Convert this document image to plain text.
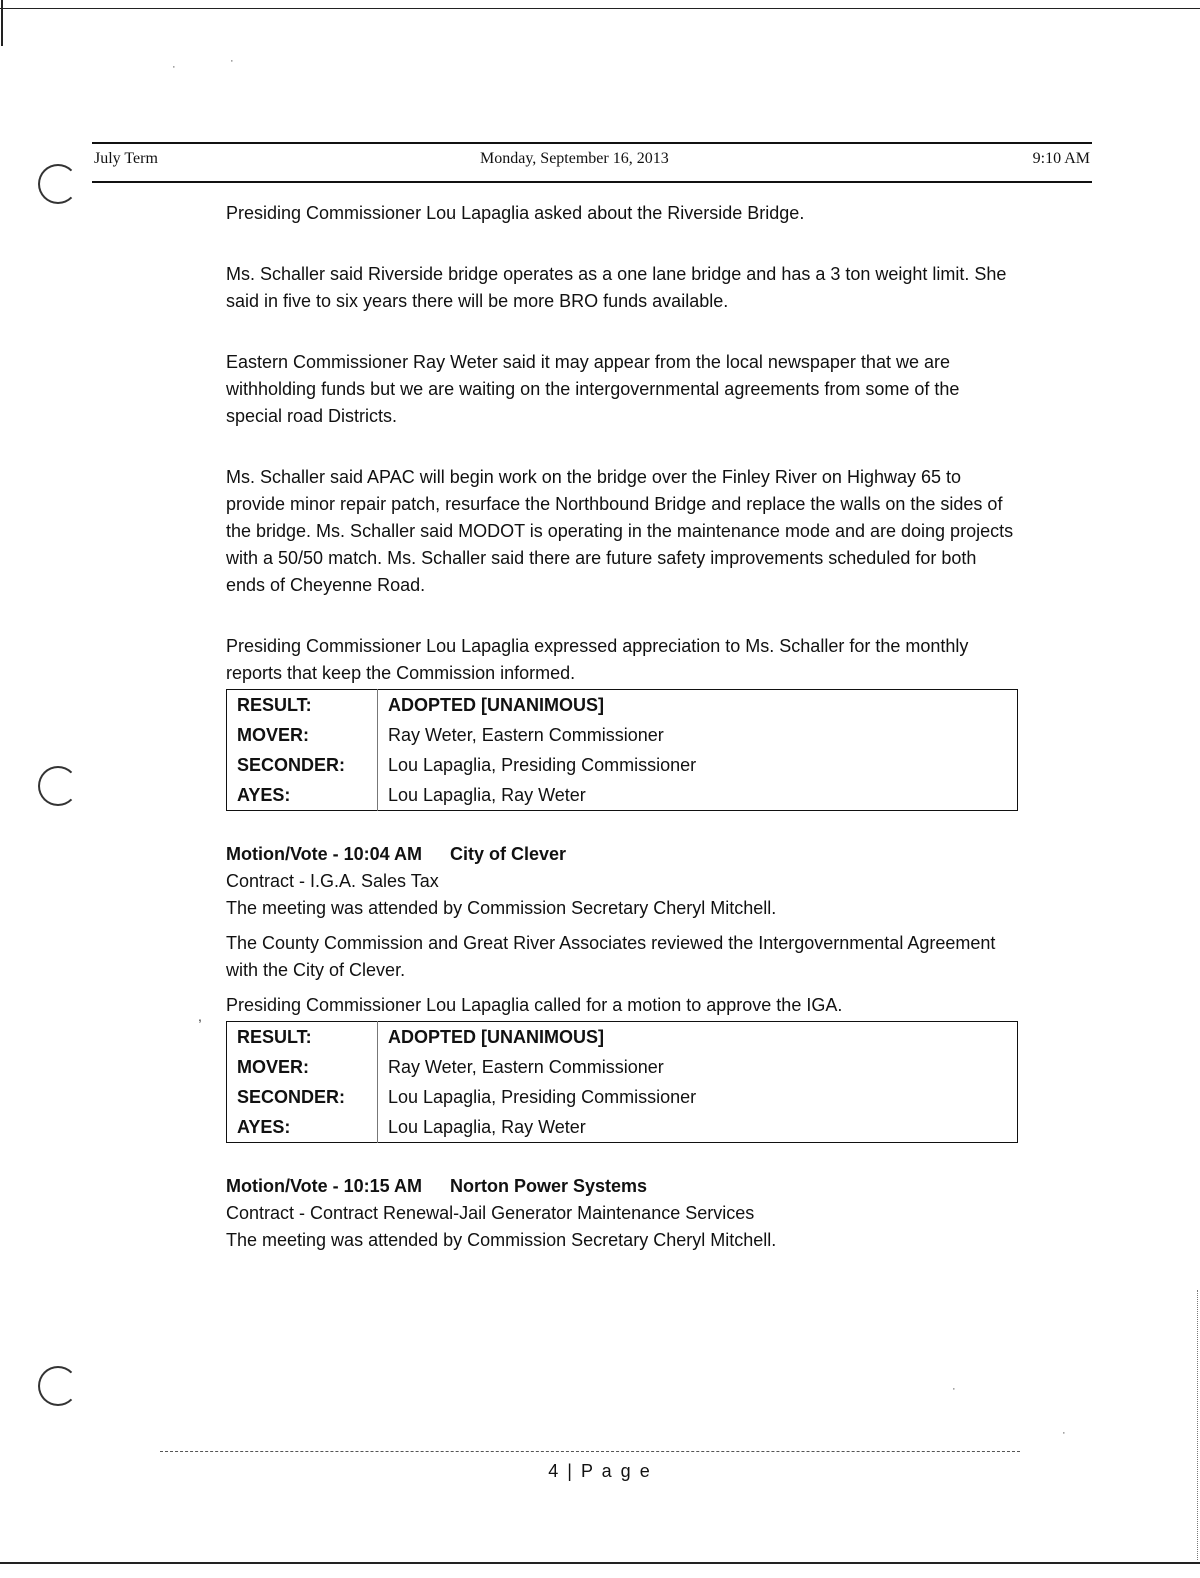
·	·
·
·
July Term	Monday, September 16, 2013	9:10 AM
,

Presiding Commissioner Lou Lapaglia asked about the Riverside Bridge.

Ms. Schaller said Riverside bridge operates as a one lane bridge and has a 3 ton weight limit. She said in five to six years there will be more BRO funds available.

Eastern Commissioner Ray Weter said it may appear from the local newspaper that we are withholding funds but we are waiting on the intergovernmental agreements from some of the special road Districts.

Ms. Schaller said APAC will begin work on the bridge over the Finley River on Highway 65 to provide minor repair patch, resurface the Northbound Bridge and replace the walls on the sides of the bridge. Ms. Schaller said MODOT is operating in the maintenance mode and are doing projects with a 50/50 match. Ms. Schaller said there are future safety improvements scheduled for both ends of Cheyenne Road.

Presiding Commissioner Lou Lapaglia expressed appreciation to Ms. Schaller for the monthly reports that keep the Commission informed.

RESULT:	ADOPTED [UNANIMOUS]
MOVER:	Ray Weter, Eastern Commissioner
SECONDER:	Lou Lapaglia, Presiding Commissioner
AYES:	Lou Lapaglia, Ray Weter

Motion/Vote - 10:04 AM City of Clever

Contract - I.G.A. Sales Tax

The meeting was attended by Commission Secretary Cheryl Mitchell.

The County Commission and Great River Associates reviewed the Intergovernmental Agreement with the City of Clever.

Presiding Commissioner Lou Lapaglia called for a motion to approve the IGA.

RESULT:	ADOPTED [UNANIMOUS]
MOVER:	Ray Weter, Eastern Commissioner
SECONDER:	Lou Lapaglia, Presiding Commissioner
AYES:	Lou Lapaglia, Ray Weter

Motion/Vote - 10:15 AM Norton Power Systems

Contract - Contract Renewal-Jail Generator Maintenance Services

The meeting was attended by Commission Secretary Cheryl Mitchell.

4 | P a g e
